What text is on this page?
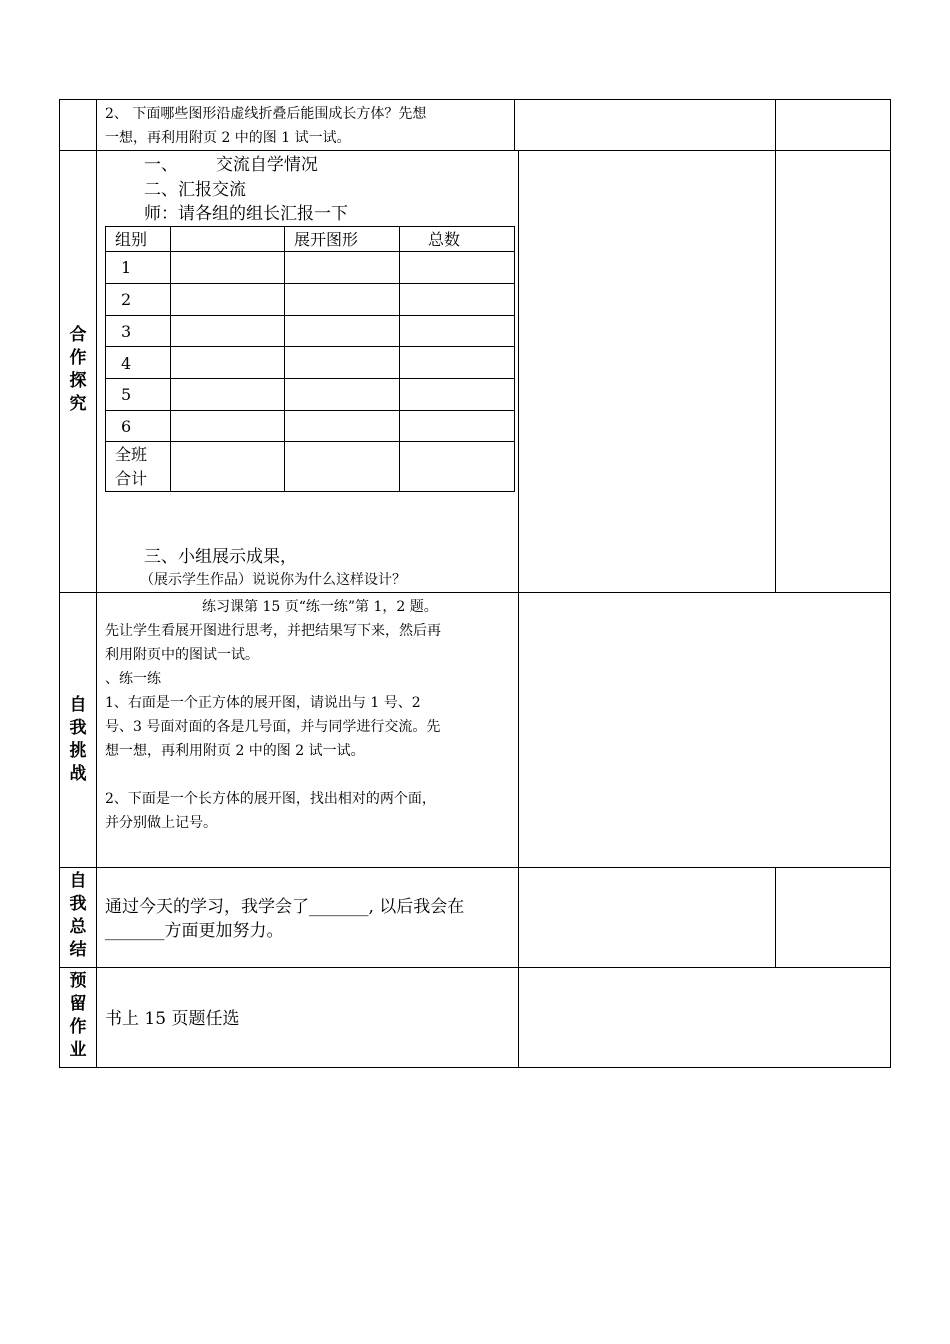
2、 下面哪些图形沿虚线折叠后能围成长方体？先想
一想，再利用附页 2 中的图 1 试一试。
合
作
探
究
一、       交流自学情况
二、汇报交流
师：请各组的组长汇报一下
组别	展开图形	总数
1
2
3
4
5
6
全班
合计
三、小组展示成果，
（展示学生作品）说说你为什么这样设计？
自
我
挑
战
练习课第 15 页“练一练”第 1，2 题。
先让学生看展开图进行思考，并把结果写下来，然后再
利用附页中的图试一试。
、练一练
1、右面是一个正方体的展开图，请说出与 1 号、2
号、3 号面对面的各是几号面，并与同学进行交流。先
想一想，再利用附页 2 中的图 2 试一试。
2、下面是一个长方体的展开图，找出相对的两个面，
并分别做上记号。
自
我
总
结
通过今天的学习，我学会了_______, 以后我会在
_______方面更加努力。
预
留
作
业
书上 15 页题任选
